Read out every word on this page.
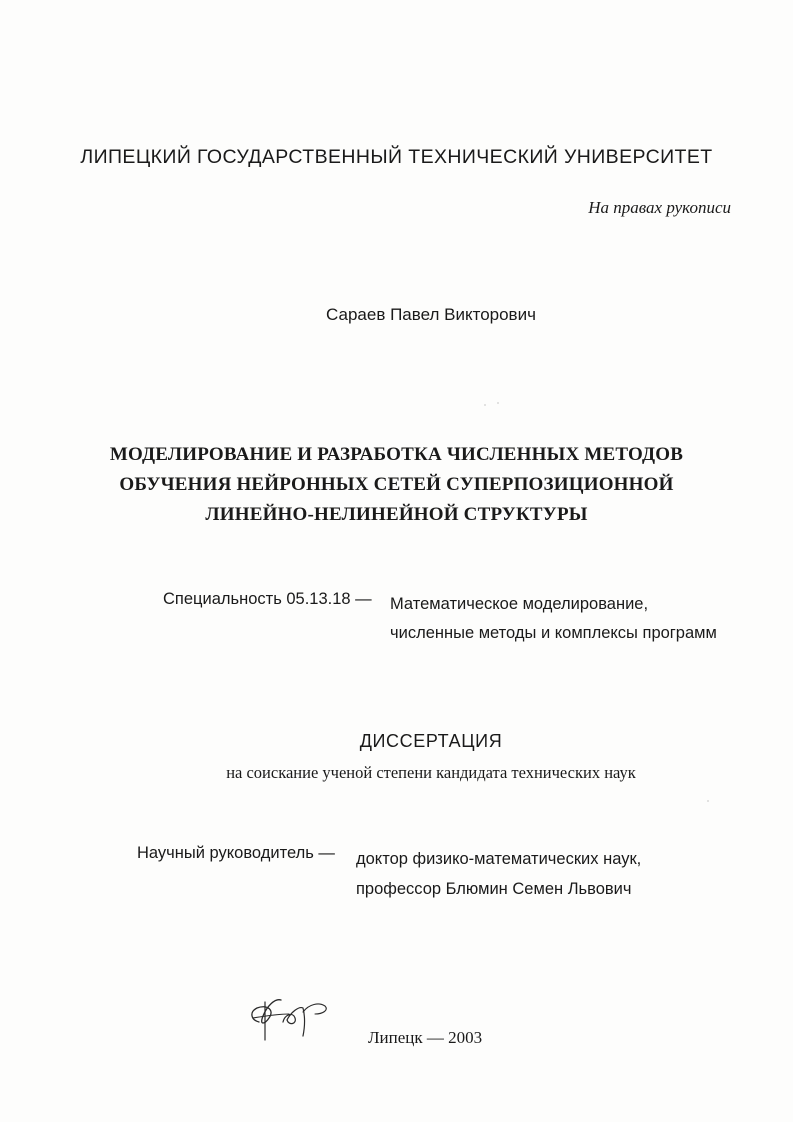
ЛИПЕЦКИЙ ГОСУДАРСТВЕННЫЙ ТЕХНИЧЕСКИЙ УНИВЕРСИТЕТ
На правах рукописи
Сараев Павел Викторович
МОДЕЛИРОВАНИЕ И РАЗРАБОТКА ЧИСЛЕННЫХ МЕТОДОВ
ОБУЧЕНИЯ НЕЙРОННЫХ СЕТЕЙ СУПЕРПОЗИЦИОННОЙ
ЛИНЕЙНО-НЕЛИНЕЙНОЙ СТРУКТУРЫ
Специальность 05.13.18 — Математическое моделирование,
численные методы и комплексы программ
ДИССЕРТАЦИЯ
на соискание ученой степени кандидата технических наук
Научный руководитель — доктор физико-математических наук,
профессор Блюмин Семен Львович
Липецк — 2003
